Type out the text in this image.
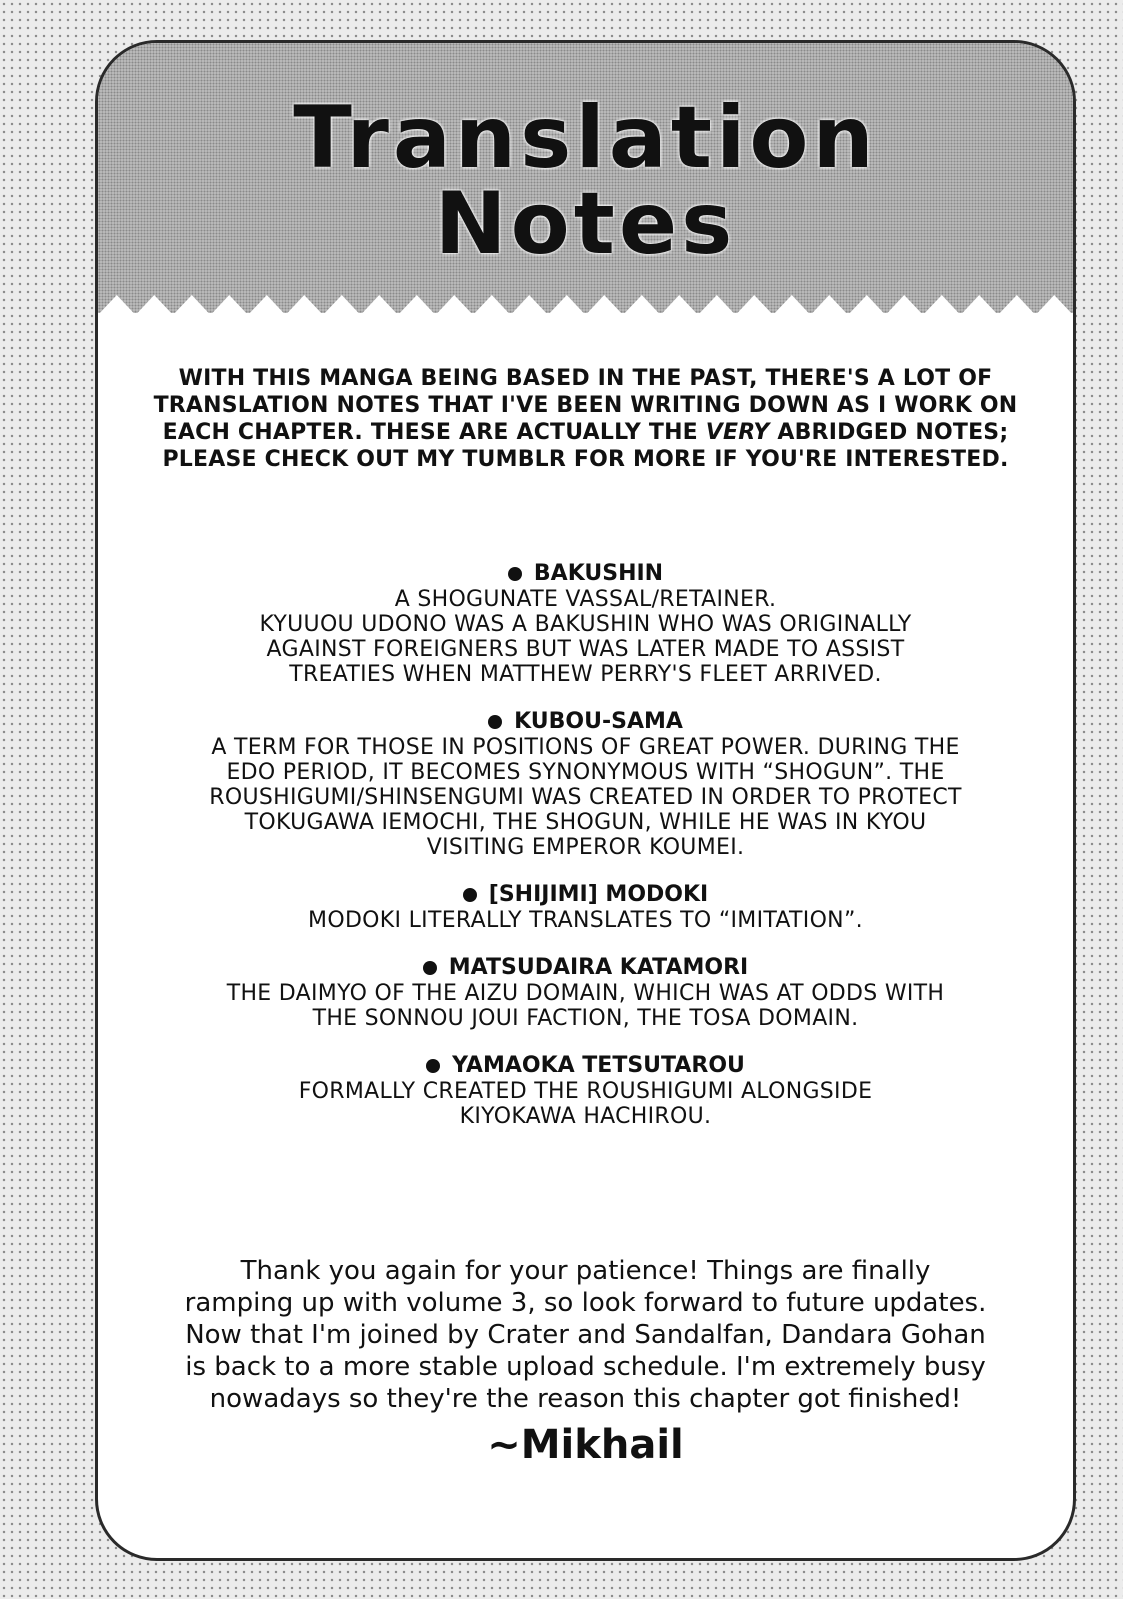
Translation
Notes
WITH THIS MANGA BEING BASED IN THE PAST, THERE'S A LOT OF
TRANSLATION NOTES THAT I'VE BEEN WRITING DOWN AS I WORK ON
EACH CHAPTER. THESE ARE ACTUALLY THE VERY ABRIDGED NOTES;
PLEASE CHECK OUT MY TUMBLR FOR MORE IF YOU'RE INTERESTED.
BAKUSHIN
A SHOGUNATE VASSAL/RETAINER.
KYUUOU UDONO WAS A BAKUSHIN WHO WAS ORIGINALLY
AGAINST FOREIGNERS BUT WAS LATER MADE TO ASSIST
TREATIES WHEN MATTHEW PERRY'S FLEET ARRIVED.
KUBOU-SAMA
A TERM FOR THOSE IN POSITIONS OF GREAT POWER. DURING THE
EDO PERIOD, IT BECOMES SYNONYMOUS WITH “SHOGUN”. THE
ROUSHIGUMI/SHINSENGUMI WAS CREATED IN ORDER TO PROTECT
TOKUGAWA IEMOCHI, THE SHOGUN, WHILE HE WAS IN KYOU
VISITING EMPEROR KOUMEI.
[SHIJIMI] MODOKI
MODOKI LITERALLY TRANSLATES TO “IMITATION”.
MATSUDAIRA KATAMORI
THE DAIMYO OF THE AIZU DOMAIN, WHICH WAS AT ODDS WITH
THE SONNOU JOUI FACTION, THE TOSA DOMAIN.
YAMAOKA TETSUTAROU
FORMALLY CREATED THE ROUSHIGUMI ALONGSIDE
KIYOKAWA HACHIROU.
Thank you again for your patience! Things are finally
ramping up with volume 3, so look forward to future updates.
Now that I'm joined by Crater and Sandalfan, Dandara Gohan
is back to a more stable upload schedule. I'm extremely busy
nowadays so they're the reason this chapter got finished!
~Mikhail
